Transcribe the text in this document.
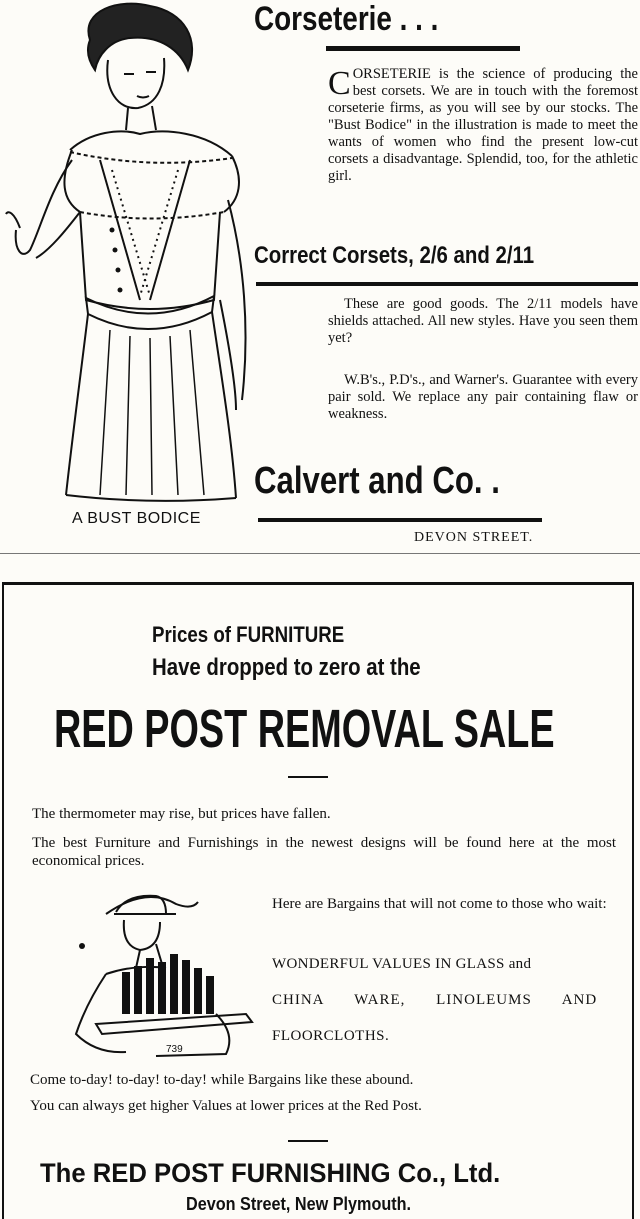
A BUST BODICE
Corseterie . . .
CORSETERIE is the science of producing the best corsets. We are in touch with the foremost corseterie firms, as you will see by our stocks. The "Bust Bodice" in the illustration is made to meet the wants of women who find the present low-cut corsets a disadvantage. Splendid, too, for the athletic girl.
Correct Corsets, 2/6 and 2/11
These are good goods. The 2/11 models have shields attached. All new styles. Have you seen them yet?
W.B's., P.D's., and Warner's. Guarantee with every pair sold. We replace any pair containing flaw or weakness.
Calvert and Co. .
DEVON STREET.
Prices of FURNITURE
Have dropped to zero at the
RED POST REMOVAL SALE
The thermometer may rise, but prices have fallen.
The best Furniture and Furnishings in the newest designs will be found here at the most economical prices.
739
Here are Bargains that will not come to those who wait:
WONDERFUL VALUES IN GLASS and
CHINA WARE, LINOLEUMS AND
FLOORCLOTHS.
Come to-day! to-day! to-day! while Bargains like these abound.
You can always get higher Values at lower prices at the Red Post.
The RED POST FURNISHING Co., Ltd.
Devon Street, New Plymouth.
